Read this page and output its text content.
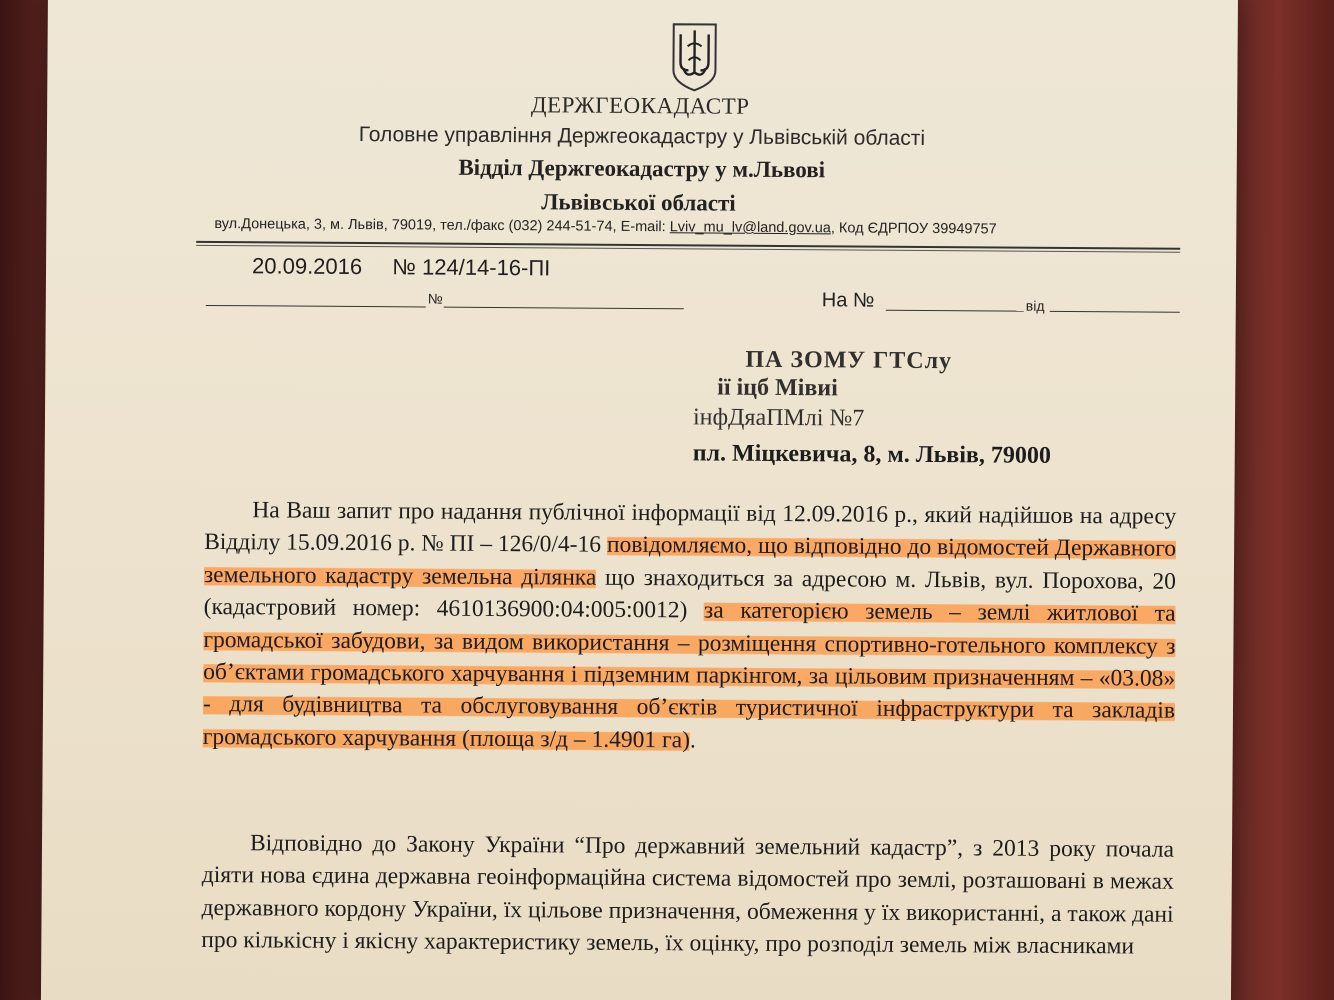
ДЕРЖГЕОКАДАСТР
Головне управління Держгеокадастру у Львівській області
Відділ Держгеокадастру у м.Львові
Львівської області
вул.Донецька, 3, м. Львів, 79019, тел./факс (032) 244-51-74, E-mail: Lviv_mu_lv@land.gov.ua, Код ЄДРПОУ 39949757
20.09.2016 № 124/14-16-ПІ
№	На №	від
ПА ЗОМУ ГТСлу
ії іцб Мівиі
інфДяаПМлі №7
пл. Міцкевича, 8, м. Львів, 79000
На Ваш запит про надання публічної інформації від 12.09.2016 р., який надійшов на адресу Відділу 15.09.2016 р. № ПІ – 126/0/4-16 повідомляємо, що відповідно до відомостей Державного земельного кадастру земельна ділянка що знаходиться за адресою м. Львів, вул. Порохова, 20 (кадастровий номер: 4610136900:04:005:0012) за категорією земель – землі житлової та громадської забудови, за видом використання – розміщення спортивно-готельного комплексу з об’єктами громадського харчування і підземним паркінгом, за цільовим призначенням – «03.08» - для будівництва та обслуговування об’єктів туристичної інфраструктури та закладів громадського харчування (площа з/д – 1.4901 га).
Відповідно до Закону України “Про державний земельний кадастр”, з 2013 року почала діяти нова єдина державна геоінформаційна система відомостей про землі, розташовані в межах державного кордону України, їх цільове призначення, обмеження у їх використанні, а також дані про кількісну і якісну характеристику земель, їх оцінку, про розподіл земель між власниками
